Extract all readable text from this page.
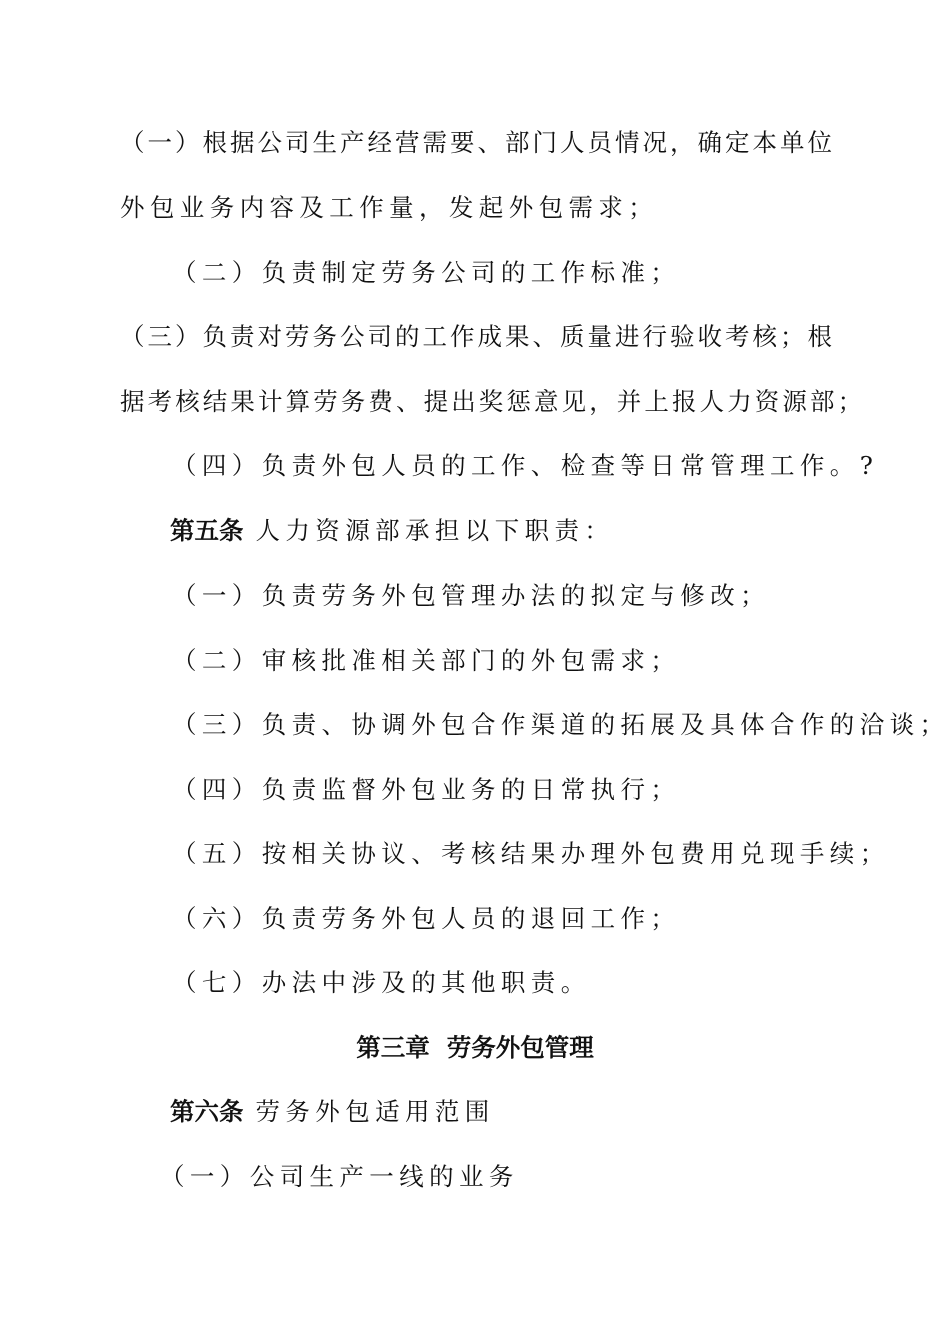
（一）根据公司生产经营需要、部门人员情况，确定本单位
外包业务内容及工作量，发起外包需求；
（二）负责制定劳务公司的工作标准；
（三）负责对劳务公司的工作成果、质量进行验收考核；根
据考核结果计算劳务费、提出奖惩意见，并上报人力资源部；
（四）负责外包人员的工作、检查等日常管理工作。?
第五条 人力资源部承担以下职责：
（一）负责劳务外包管理办法的拟定与修改；
（二）审核批准相关部门的外包需求；
（三）负责、协调外包合作渠道的拓展及具体合作的洽谈；
（四）负责监督外包业务的日常执行；
（五）按相关协议、考核结果办理外包费用兑现手续；
（六）负责劳务外包人员的退回工作；
（七）办法中涉及的其他职责。
第三章  劳务外包管理
第六条 劳务外包适用范围
（一）公司生产一线的业务
